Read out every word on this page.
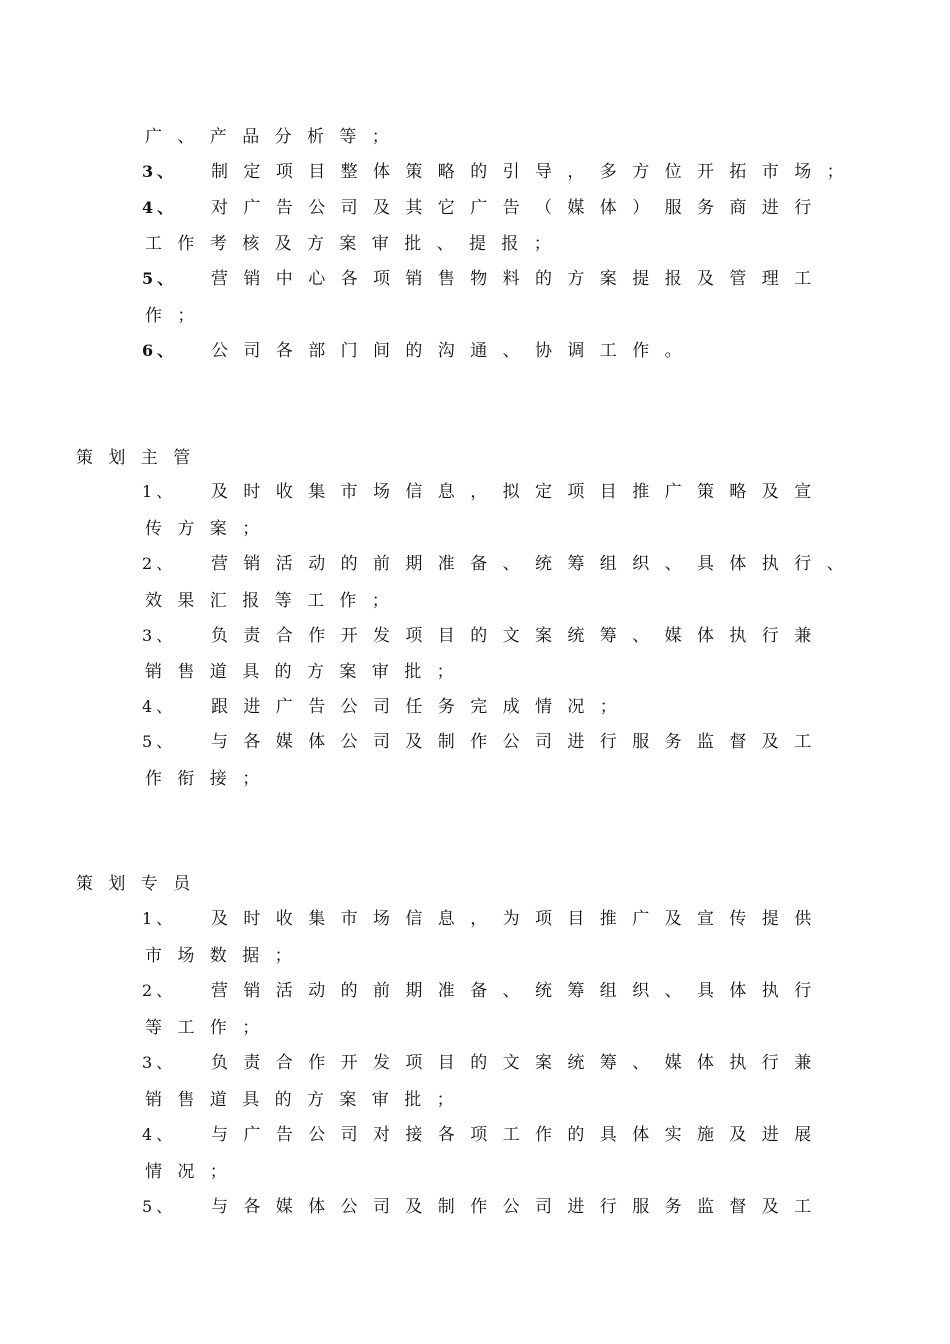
广、产品分析等；
3、 制定项目整体策略的引导，多方位开拓市场；
4、 对广告公司及其它广告（媒体）服务商进行
工作考核及方案审批、提报；
5、 营销中心各项销售物料的方案提报及管理工
作；
6、 公司各部门间的沟通、协调工作。
策划主管
1、 及时收集市场信息，拟定项目推广策略及宣
传方案；
2、 营销活动的前期准备、统筹组织、具体执行、
效果汇报等工作；
3、 负责合作开发项目的文案统筹、媒体执行兼
销售道具的方案审批；
4、 跟进广告公司任务完成情况；
5、 与各媒体公司及制作公司进行服务监督及工
作衔接；
策划专员
1、 及时收集市场信息，为项目推广及宣传提供
市场数据；
2、 营销活动的前期准备、统筹组织、具体执行
等工作；
3、 负责合作开发项目的文案统筹、媒体执行兼
销售道具的方案审批；
4、 与广告公司对接各项工作的具体实施及进展
情况；
5、 与各媒体公司及制作公司进行服务监督及工
